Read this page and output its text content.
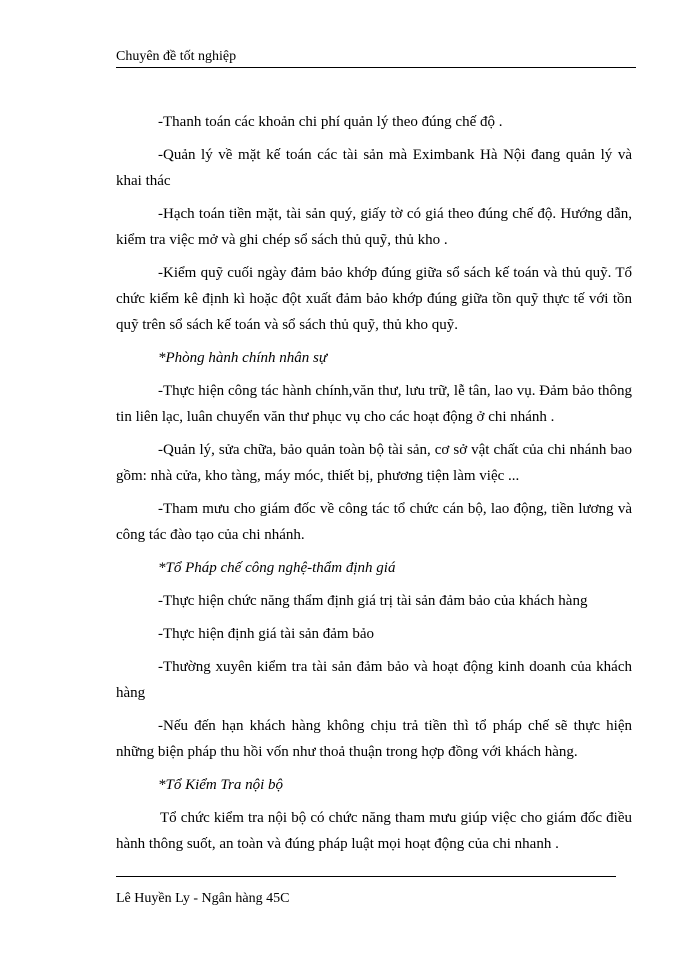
Chuyên đề tốt nghiệp

-Thanh toán các khoản chi phí quản lý theo đúng chế độ .

-Quản lý về mặt kế toán các tài sản mà Eximbank Hà Nội đang quản lý và khai thác

-Hạch toán tiền mặt, tài sản quý, giấy tờ có giá theo đúng chế độ. Hướng dẫn, kiểm tra việc mở và ghi chép sổ sách thủ quỹ, thủ kho .

-Kiểm quỹ cuối ngày đảm bảo khớp đúng giữa sổ sách kế toán và thủ quỹ. Tổ chức kiểm kê định kì hoặc đột xuất đảm bảo khớp đúng giữa tồn quỹ thực tế với tồn quỹ trên sổ sách kế toán và sổ sách thủ quỹ, thủ kho quỹ.

*Phòng hành chính nhân sự

-Thực hiện công tác hành chính,văn thư, lưu trữ, lễ tân, lao vụ. Đảm bảo thông tin liên lạc, luân chuyển văn thư phục vụ cho các hoạt động ở chi nhánh .

-Quản lý, sửa chữa, bảo quản toàn bộ tài sản, cơ sở vật chất của chi nhánh bao gồm: nhà cửa, kho tàng, máy móc, thiết bị, phương tiện làm việc ...

-Tham mưu cho giám đốc về công tác tổ chức cán bộ, lao động, tiền lương và công tác đào tạo của chi nhánh.

*Tổ Pháp chế công nghệ-thẩm định giá

-Thực hiện chức năng thẩm định giá trị tài sản đảm bảo của khách hàng

-Thực hiện định giá tài sản đảm bảo

-Thường xuyên kiểm tra tài sản đảm bảo và hoạt động kinh doanh của khách hàng

-Nếu đến hạn khách hàng không chịu trả tiền thì tổ pháp chế sẽ thực hiện những biện pháp thu hồi vốn như thoả thuận trong hợp đồng với khách hàng.

*Tổ Kiểm Tra nội bộ

Tổ chức kiểm tra nội bộ có chức năng tham mưu giúp việc cho giám đốc điều hành thông suốt, an toàn và đúng pháp luật mọi hoạt động của chi nhanh .

Lê Huyền Ly - Ngân hàng 45C
